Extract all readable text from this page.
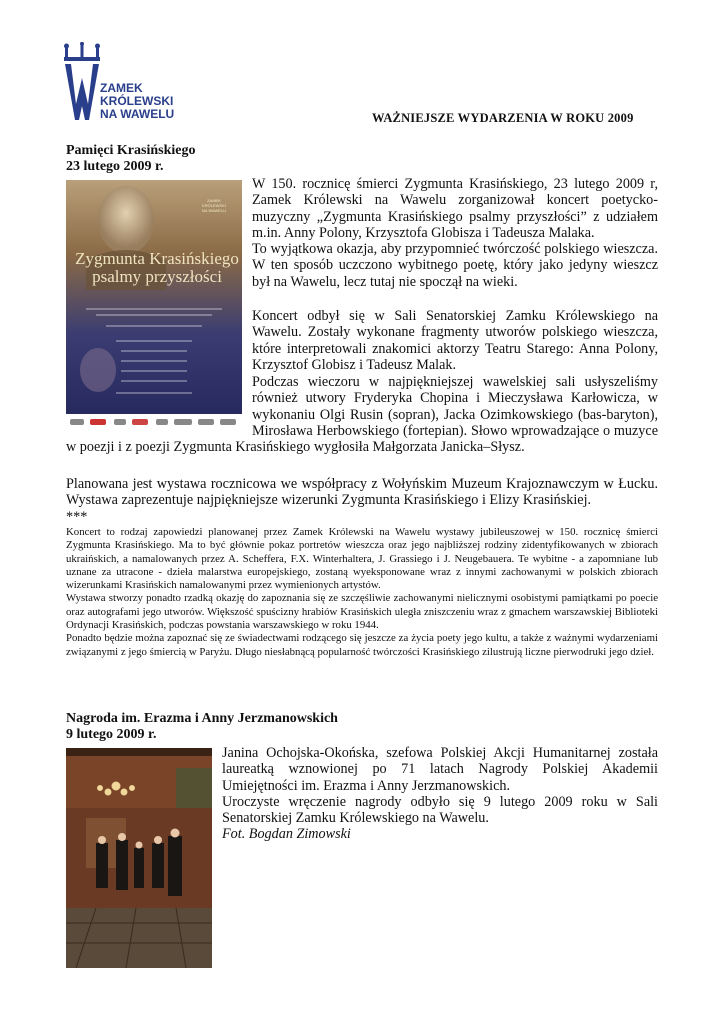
ZAMEK
KRÓLEWSKI
NA WAWELU	WAŻNIEJSZE WYDARZENIA W ROKU 2009
Pamięci Krasińskiego
23 lutego 2009 r.
ZAMEK
KRÓLEWSKI
NA WAWELU
Zygmunta Krasińskiego
psalmy przyszłości

W 150. rocznicę śmierci Zygmunta Krasińskiego, 23 lutego 2009 r, Zamek Królewski na Wawelu zorganizował koncert poetycko-muzyczny „Zygmunta Krasińskiego psalmy przyszłości” z udziałem m.in. Anny Polony, Krzysztofa Globisza i Tadeusza Malaka.

To wyjątkowa okazja, aby przypomnieć twórczość polskiego wieszcza. W ten sposób uczczono wybitnego poetę, który jako jedyny wieszcz był na Wawelu, lecz tutaj nie spoczął na wieki.

Koncert odbył się w Sali Senatorskiej Zamku Królewskiego na Wawelu. Zostały wykonane fragmenty utworów polskiego wieszcza, które interpretowali znakomici aktorzy Teatru Starego: Anna Polony, Krzysztof Globisz i Tadeusz Malak.

Podczas wieczoru w najpiękniejszej wawelskiej sali usłyszeliśmy również utwory Fryderyka Chopina i Mieczysława Karłowicza, w wykonaniu Olgi Rusin (sopran), Jacka Ozimkowskiego (bas-baryton), Mirosława Herbowskiego (fortepian). Słowo wprowadzające o muzyce w poezji i z poezji Zygmunta Krasińskiego wygłosiła Małgorzata Janicka–Słysz.

Planowana jest wystawa rocznicowa we współpracy z Wołyńskim Muzeum Krajoznawczym w Łucku. Wystawa zaprezentuje najpiękniejsze wizerunki Zygmunta Krasińskiego i Elizy Krasińskiej.

***

Koncert to rodzaj zapowiedzi planowanej przez Zamek Królewski na Wawelu wystawy jubileuszowej w 150. rocznicę śmierci Zygmunta Krasińskiego. Ma to być głównie pokaz portretów wieszcza oraz jego najbliższej rodziny zidentyfikowanych w zbiorach ukraińskich, a namalowanych przez A. Scheffera, F.X. Winterhaltera, J. Grassiego i J. Neugebauera. Te wybitne - a zapomniane lub uznane za utracone - dzieła malarstwa europejskiego, zostaną wyeksponowane wraz z innymi zachowanymi w polskich zbiorach wizerunkami Krasińskich namalowanymi przez wymienionych artystów.

Wystawa stworzy ponadto rzadką okazję do zapoznania się ze szczęśliwie zachowanymi nielicznymi osobistymi pamiątkami po poecie oraz autografami jego utworów. Większość spuścizny hrabiów Krasińskich uległa zniszczeniu wraz z gmachem warszawskiej Biblioteki Ordynacji Krasińskich, podczas powstania warszawskiego w roku 1944.

Ponadto będzie można zapoznać się ze świadectwami rodzącego się jeszcze za życia poety jego kultu, a także z ważnymi wydarzeniami związanymi z jego śmiercią w Paryżu. Długo niesłabnącą popularność twórczości Krasińskiego zilustrują liczne pierwodruki jego dzieł.

Nagroda im. Erazma i Anny Jerzmanowskich
9 lutego 2009 r.

Janina Ochojska-Okońska, szefowa Polskiej Akcji Humanitarnej została laureatką wznowionej po 71 latach Nagrody Polskiej Akademii Umiejętności im. Erazma i Anny Jerzmanowskich.

Uroczyste wręczenie nagrody odbyło się 9 lutego 2009 roku w Sali Senatorskiej Zamku Królewskiego na Wawelu.

Fot. Bogdan Zimowski
